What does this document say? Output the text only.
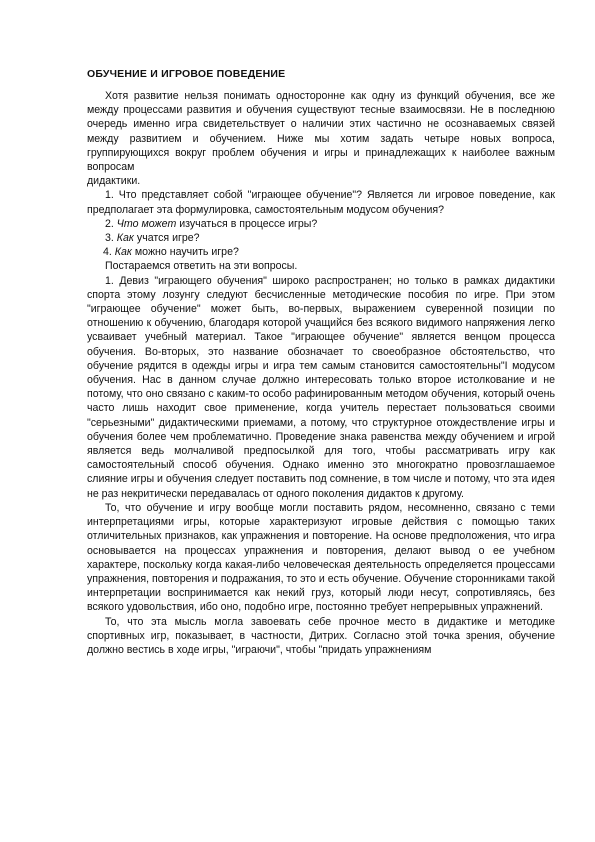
ОБУЧЕНИЕ И ИГРОВОЕ ПОВЕДЕНИЕ

Хотя развитие нельзя понимать односторонне как одну из функций обучения, все же между процессами развития и обучения существуют тесные взаимосвязи. Не в последнюю очередь именно игра свидетельствует о наличии этих частично не осознаваемых связей между развитием и обучением. Ниже мы хотим задать четыре новых вопроса, группирующихся вокруг проблем обучения и игры и принадлежащих к наиболее важным вопросам

дидактики.

1. Что представляет собой "играющее обучение"? Является ли игровое поведение, как предполагает эта формулировка, самостоятельным модусом обучения?

2. Что может изучаться в процессе игры?

3. Как учатся игре?

4. Как можно научить игре?

Постараемся ответить на эти вопросы.

1. Девиз "играющего обучения" широко распространен; но только в рамках дидактики спорта этому лозунгу следуют бесчисленные методические пособия по игре. При этом "играющее обучение" может быть, во-первых, выражением суверенной позиции по отношению к обучению, благодаря которой учащийся без всякого видимого напряжения легко усваивает учебный материал. Такое "играющее обучение" является венцом процесса обучения. Во-вторых, это название обозначает то своеобразное обстоятельство, что обучение рядится в одежды игры и игра тем самым становится самостоятельны"I модусом обучения. Нас в данном случае должно интересовать только второе истолкование и не потому, что оно связано с каким-то особо рафинированным методом обучения, который очень часто лишь находит свое применение, когда учитель перестает пользоваться своими "серьезными" дидактическими приемами, а потому, что структурное отождествление игры и обучения более чем проблематично. Проведение знака равенства между обучением и игрой является ведь молчаливой предпосылкой для того, чтобы рассматривать игру как самостоятельный способ обучения. Однако именно это многократно провозглашаемое слияние игры и обучения следует поставить под сомнение, в том числе и потому, что эта идея не раз некритически передавалась от одного поколения дидактов к другому.

То, что обучение и игру вообще могли поставить рядом, несомненно, связано с теми интерпретациями игры, которые характеризуют игровые действия с помощью таких отличительных признаков, как упражнения и повторение. На основе предположения, что игра основывается на процессах упражнения и повторения, делают вывод о ее учебном характере, поскольку когда какая-либо человеческая деятельность определяется процессами упражнения, повторения и подражания, то это и есть обучение. Обучение сторонниками такой интерпретации воспринимается как некий груз, который люди несут, сопротивляясь, без всякого удовольствия, ибо оно, подобно игре, постоянно требует непрерывных упражнений.

То, что эта мысль могла завоевать себе прочное место в дидактике и методике спортивных игр, показывает, в частности, Дитрих. Согласно этой точка зрения, обучение должно вестись в ходе игры, "играючи", чтобы "придать упражнениям
